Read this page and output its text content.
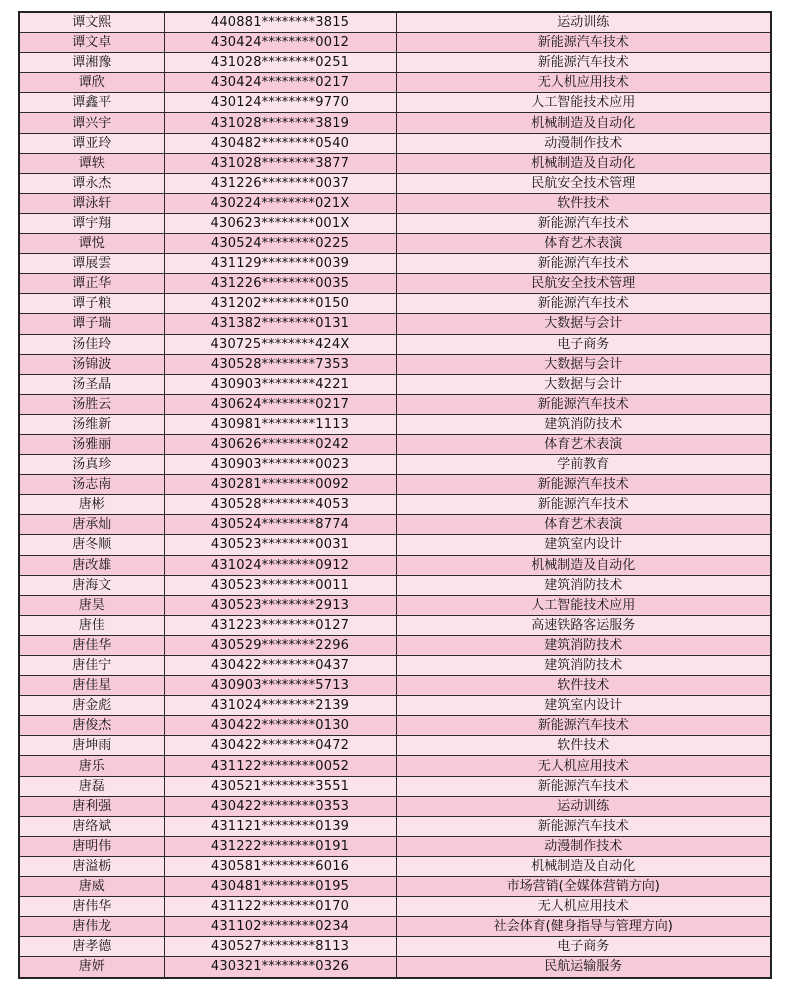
谭文熙	440881********3815	运动训练
谭文卓	430424********0012	新能源汽车技术
谭湘豫	431028********0251	新能源汽车技术
谭欣	430424********0217	无人机应用技术
谭鑫平	430124********9770	人工智能技术应用
谭兴宇	431028********3819	机械制造及自动化
谭亚玲	430482********0540	动漫制作技术
谭轶	431028********3877	机械制造及自动化
谭永杰	431226********0037	民航安全技术管理
谭泳轩	430224********021X	软件技术
谭宇翔	430623********001X	新能源汽车技术
谭悦	430524********0225	体育艺术表演
谭展雲	431129********0039	新能源汽车技术
谭正华	431226********0035	民航安全技术管理
谭子粮	431202********0150	新能源汽车技术
谭子瑞	431382********0131	大数据与会计
汤佳玲	430725********424X	电子商务
汤锦波	430528********7353	大数据与会计
汤圣晶	430903********4221	大数据与会计
汤胜云	430624********0217	新能源汽车技术
汤维新	430981********1113	建筑消防技术
汤雅丽	430626********0242	体育艺术表演
汤真珍	430903********0023	学前教育
汤志南	430281********0092	新能源汽车技术
唐彬	430528********4053	新能源汽车技术
唐承灿	430524********8774	体育艺术表演
唐冬顺	430523********0031	建筑室内设计
唐改雄	431024********0912	机械制造及自动化
唐海文	430523********0011	建筑消防技术
唐昊	430523********2913	人工智能技术应用
唐佳	431223********0127	高速铁路客运服务
唐佳华	430529********2296	建筑消防技术
唐佳宁	430422********0437	建筑消防技术
唐佳星	430903********5713	软件技术
唐金彪	431024********2139	建筑室内设计
唐俊杰	430422********0130	新能源汽车技术
唐坤雨	430422********0472	软件技术
唐乐	431122********0052	无人机应用技术
唐磊	430521********3551	新能源汽车技术
唐利强	430422********0353	运动训练
唐络斌	431121********0139	新能源汽车技术
唐明伟	431222********0191	动漫制作技术
唐溢栃	430581********6016	机械制造及自动化
唐威	430481********0195	市场营销(全媒体营销方向)
唐伟华	431122********0170	无人机应用技术
唐伟龙	431102********0234	社会体育(健身指导与管理方向)
唐孝德	430527********8113	电子商务
唐妍	430321********0326	民航运输服务
